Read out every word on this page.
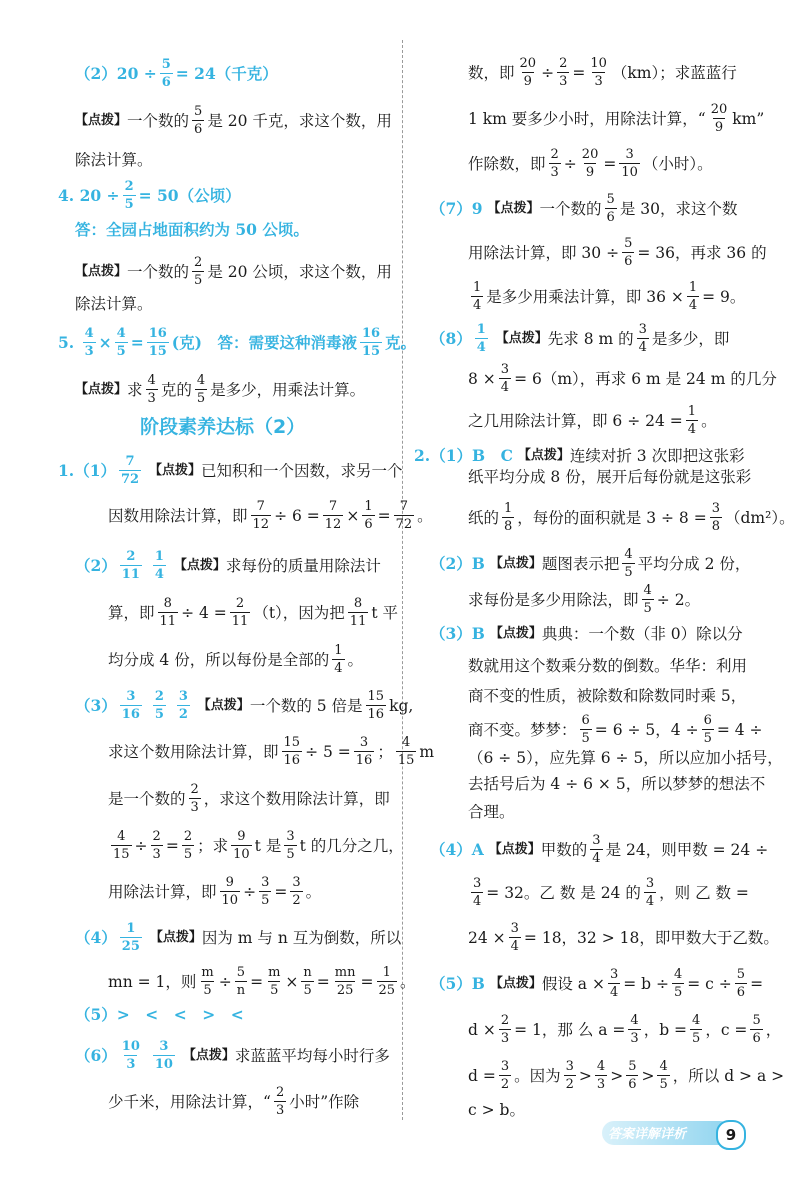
$(2)20 \div \frac{5}{6} = 24$（千克）
【点拨】 一个数的 $\frac{5}{6}$ 是 20 千克，求这个数，用
除法计算。
4.
$20 \div \frac{2}{5} = 50$（公顷）
答：全园占地面积约为 50 公顷。
【点拨】 一个数的 $\frac{2}{5}$ 是 20 公顷，求这个数，用
除法计算。
5.
$\frac{4}{3} \times \frac{4}{5} = \frac{16}{15}$ (克)　答：需要这种消毒液 $\frac{16}{15}$ 克。
【点拨】 求 $\frac{4}{3}$ 克的 $\frac{4}{5}$ 是多少，用乘法计算。
阶段素养达标（2）
1. $(1) \frac{7}{72}$
【点拨】 已知积和一个因数，求另一个
因数用除法计算，即 $\frac{7}{12} \div 6 = \frac{7}{12} \times \frac{1}{6} = \frac{7}{72}$ 。
$(2) \frac{2}{11}$
$\frac{1}{4}$
【点拨】 求每份的质量用除法计
算，即 $\frac{8}{11} \div 4 = \frac{2}{11} (t)$，因为把 $\frac{8}{11}$ t 平
均分成 4 份，所以每份是全部的 $\frac{1}{4}$ 。
$(3) \frac{3}{16}$
$\frac{2}{5}$
$\frac{3}{2}$
【点拨】 一个数的 5 倍是 $\frac{15}{16}$ kg,
求这个数用除法计算，即 $\frac{15}{16} \div 5 = \frac{3}{16}$ ； $\frac{4}{15}$ m
是一个数的 $\frac{2}{3}$ ，求这个数用除法计算，即
$\frac{4}{15} \div \frac{2}{3} = \frac{2}{5}$ ；求 $\frac{9}{10}$ t 是 $\frac{3}{5}$ t 的几分之几，
用除法计算，即 $\frac{9}{10} \div \frac{3}{5} = \frac{3}{2}$ 。
$(4) \frac{1}{25}$
【点拨】 因为 m 与 n 互为倒数，所以
mn = 1，则 $\frac{m}{5} \div \frac{5}{n} = \frac{m}{5} \times \frac{n}{5} = \frac{mn}{25} = \frac{1}{25}$ 。
（5）>　<　<　>　<
$(6) \frac{10}{3}$
$\frac{3}{10}$
【点拨】 求蓝蓝平均每小时行多
少千米，用除法计算，“ $\frac{2}{3}$ 小时”作除
数，即 $\frac{20}{9} \div \frac{2}{3} = \frac{10}{3} (km)$；求蓝蓝行
1 km 要多少小时，用除法计算，“ $\frac{20}{9}$ km”
作除数，即 $\frac{2}{3} \div \frac{20}{9} = \frac{3}{10}$ （小时）。
（7）9
【点拨】 一个数的 $\frac{5}{6}$ 是 30，求这个数
用除法计算，即 $30 \div \frac{5}{6} = 36$，再求 36 的
$\frac{1}{4}$ 是多少用乘法计算，即 $36 \times \frac{1}{4} = 9$。
$(8) \frac{1}{4}$
【点拨】 先求 8 m 的 $\frac{3}{4}$ 是多少，即
$8 \times \frac{3}{4} = 6(m)$，再求 6 m 是 24 m 的几分
之几用除法计算，即 $6 \div 24 = \frac{1}{4}$ 。
2. （1）B　C
【点拨】 连续对折 3 次即把这张彩
纸平均分成 8 份，展开后每份就是这张彩
纸的 $\frac{1}{8}$ ，每份的面积就是 $3 \div 8 = \frac{3}{8} (dm^2)$。
（2）B
【点拨】 题图表示把 $\frac{4}{5}$ 平均分成 2 份，
求每份是多少用除法，即 $\frac{4}{5} \div 2$。
（3）B
【点拨】 典典：一个数（非 0）除以分
数就用这个数乘分数的倒数。华华：利用
商不变的性质，被除数和除数同时乘 5，
商不变。梦梦： $\frac{6}{5} = 6 \div 5$，$4 \div \frac{6}{5} = 4$ ÷
（6 ÷ 5），应先算 6 ÷ 5，所以应加小括号，
去括号后为 4 ÷ 6 × 5，所以梦梦的想法不
合理。
（4）A
【点拨】 甲数的 $\frac{3}{4}$ 是 24，则甲数 = 24 ÷
$\frac{3}{4} = 32$。乙 数 是 24 的 $\frac{3}{4}$ ，则 乙 数 =
$24 \times \frac{3}{4} = 18$，32 > 18，即甲数大于乙数。
（5）B
【点拨】 假设 $a \times \frac{3}{4} = b \div \frac{4}{5} = c \div \frac{5}{6}$ =
$d \times \frac{2}{3} = 1$，那 么 $a = \frac{4}{3}$ ，$b = \frac{4}{5}$ ，$c = \frac{5}{6}$ ，
$d = \frac{3}{2}$ 。因为 $\frac{3}{2} > \frac{4}{3} > \frac{5}{6} > \frac{4}{5}$ ，所以 d > a >
c > b。
答案详解详析	9
